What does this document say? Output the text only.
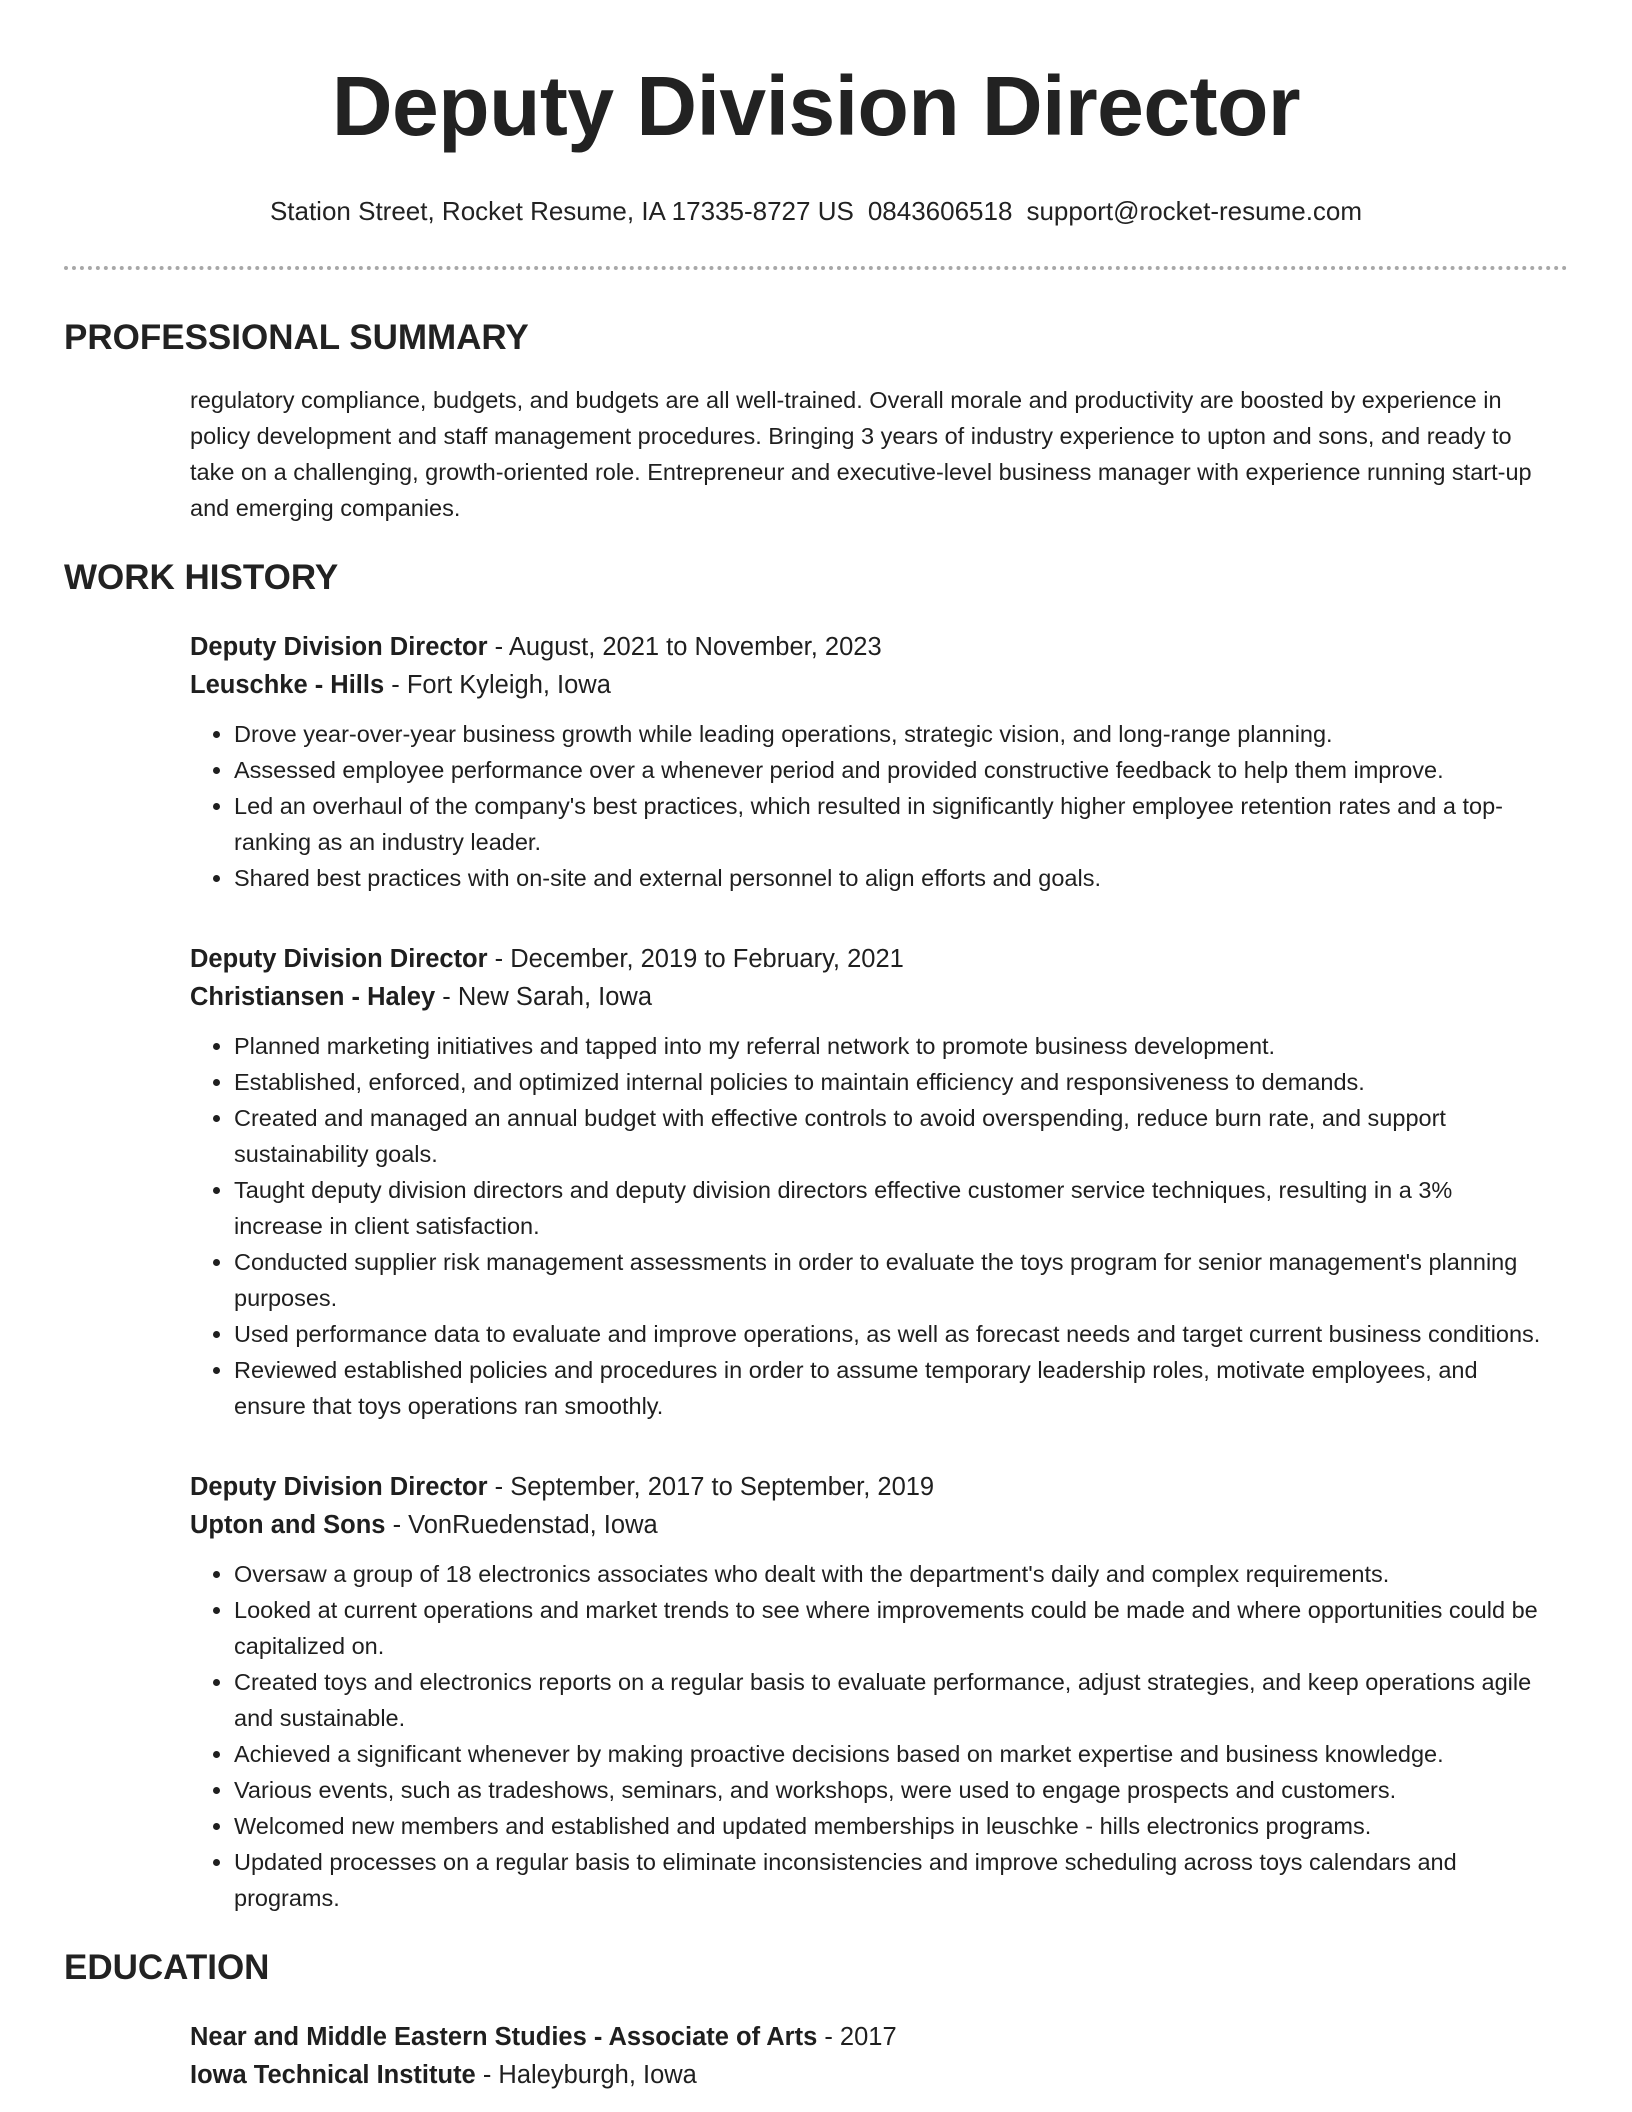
Deputy Division Director
Station Street, Rocket Resume, IA 17335-8727 US 0843606518 support@rocket-resume.com
PROFESSIONAL SUMMARY
regulatory compliance, budgets, and budgets are all well-trained. Overall morale and productivity are boosted by experience in policy development and staff management procedures. Bringing 3 years of industry experience to upton and sons, and ready to take on a challenging, growth-oriented role. Entrepreneur and executive-level business manager with experience running start-up and emerging companies.
WORK HISTORY
Deputy Division Director - August, 2021 to November, 2023
Leuschke - Hills - Fort Kyleigh, Iowa
• Drove year-over-year business growth while leading operations, strategic vision, and long-range planning.
• Assessed employee performance over a whenever period and provided constructive feedback to help them improve.
• Led an overhaul of the company's best practices, which resulted in significantly higher employee retention rates and a top-ranking as an industry leader.
• Shared best practices with on-site and external personnel to align efforts and goals.
Deputy Division Director - December, 2019 to February, 2021
Christiansen - Haley - New Sarah, Iowa
• Planned marketing initiatives and tapped into my referral network to promote business development.
• Established, enforced, and optimized internal policies to maintain efficiency and responsiveness to demands.
• Created and managed an annual budget with effective controls to avoid overspending, reduce burn rate, and support sustainability goals.
• Taught deputy division directors and deputy division directors effective customer service techniques, resulting in a 3% increase in client satisfaction.
• Conducted supplier risk management assessments in order to evaluate the toys program for senior management's planning purposes.
• Used performance data to evaluate and improve operations, as well as forecast needs and target current business conditions.
• Reviewed established policies and procedures in order to assume temporary leadership roles, motivate employees, and ensure that toys operations ran smoothly.
Deputy Division Director - September, 2017 to September, 2019
Upton and Sons - VonRuedenstad, Iowa
• Oversaw a group of 18 electronics associates who dealt with the department's daily and complex requirements.
• Looked at current operations and market trends to see where improvements could be made and where opportunities could be capitalized on.
• Created toys and electronics reports on a regular basis to evaluate performance, adjust strategies, and keep operations agile and sustainable.
• Achieved a significant whenever by making proactive decisions based on market expertise and business knowledge.
• Various events, such as tradeshows, seminars, and workshops, were used to engage prospects and customers.
• Welcomed new members and established and updated memberships in leuschke - hills electronics programs.
• Updated processes on a regular basis to eliminate inconsistencies and improve scheduling across toys calendars and programs.
EDUCATION
Near and Middle Eastern Studies - Associate of Arts - 2017
Iowa Technical Institute - Haleyburgh, Iowa
